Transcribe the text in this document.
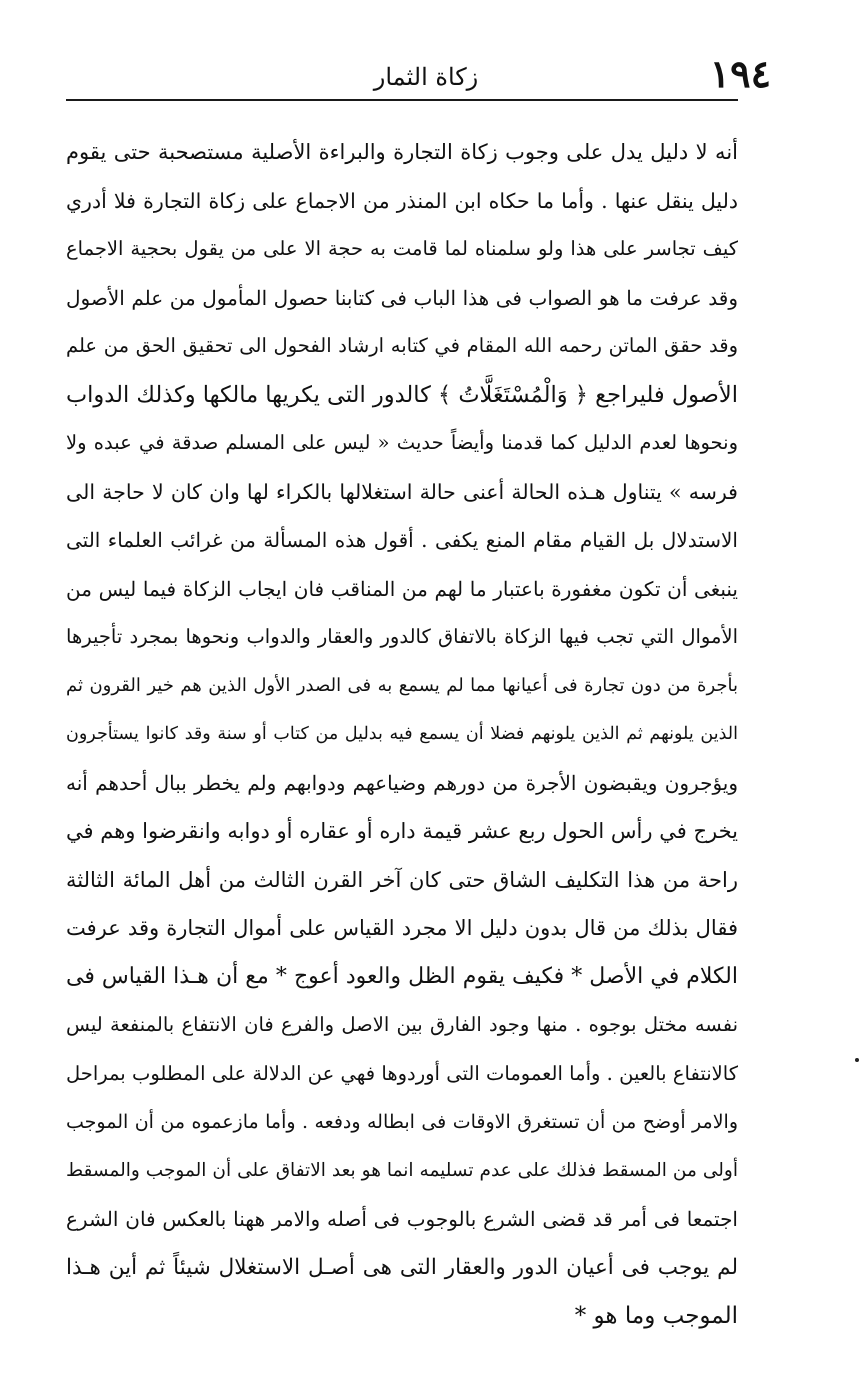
زكاة الثمار	١٩٤
أنه لا دليل يدل على وجوب زكاة التجارة والبراءة الأصلية مستصحبة حتى يقوم
دليل ينقل عنها . وأما ما حكاه ابن المنذر من الاجماع على زكاة التجارة فلا أدري
كيف تجاسر على هذا ولو سلمناه لما قامت به حجة الا على من يقول بحجية الاجماع
وقد عرفت ما هو الصواب فى هذا الباب فى كتابنا حصول المأمول من علم الأصول
وقد حقق الماتن رحمه الله المقام في كتابه ارشاد الفحول الى تحقيق الحق من علم
الأصول فليراجع ﴿ وَالْمُسْتَغَلَّاتُ ﴾ كالدور التى يكريها مالكها وكذلك الدواب
ونحوها لعدم الدليل كما قدمنا وأيضاً حديث « ليس على المسلم صدقة في عبده ولا
فرسه » يتناول هـذه الحالة أعنى حالة استغلالها بالكراء لها وان كان لا حاجة الى
الاستدلال بل القيام مقام المنع يكفى . أقول هذه المسألة من غرائب العلماء التى
ينبغى أن تكون مغفورة باعتبار ما لهم من المناقب فان ايجاب الزكاة فيما ليس من
الأموال التي تجب فيها الزكاة بالاتفاق كالدور والعقار والدواب ونحوها بمجرد تأجيرها
بأجرة من دون تجارة فى أعيانها مما لم يسمع به فى الصدر الأول الذين هم خير القرون ثم
الذين يلونهم ثم الذين يلونهم فضلا أن يسمع فيه بدليل من كتاب أو سنة وقد كانوا يستأجرون
ويؤجرون ويقبضون الأجرة من دورهم وضياعهم ودوابهم ولم يخطر ببال أحدهم أنه
يخرج في رأس الحول ربع عشر قيمة داره أو عقاره أو دوابه وانقرضوا وهم في
راحة من هذا التكليف الشاق حتى كان آخر القرن الثالث من أهل المائة الثالثة
فقال بذلك من قال بدون دليل الا مجرد القياس على أموال التجارة وقد عرفت
الكلام في الأصل * فكيف يقوم الظل والعود أعوج * مع أن هـذا القياس فى
نفسه مختل بوجوه . منها وجود الفارق بين الاصل والفرع فان الانتفاع بالمنفعة ليس
كالانتفاع بالعين . وأما العمومات التى أوردوها فهي عن الدلالة على المطلوب بمراحل
والامر أوضح من أن تستغرق الاوقات فى ابطاله ودفعه . وأما مازعموه من أن الموجب
أولى من المسقط فذلك على عدم تسليمه انما هو بعد الاتفاق على أن الموجب والمسقط
اجتمعا فى أمر قد قضى الشرع بالوجوب فى أصله والامر ههنا بالعكس فان الشرع
لم يوجب فى أعيان الدور والعقار التى هى أصـل الاستغلال شيئاً ثم أين هـذا
الموجب وما هو *
